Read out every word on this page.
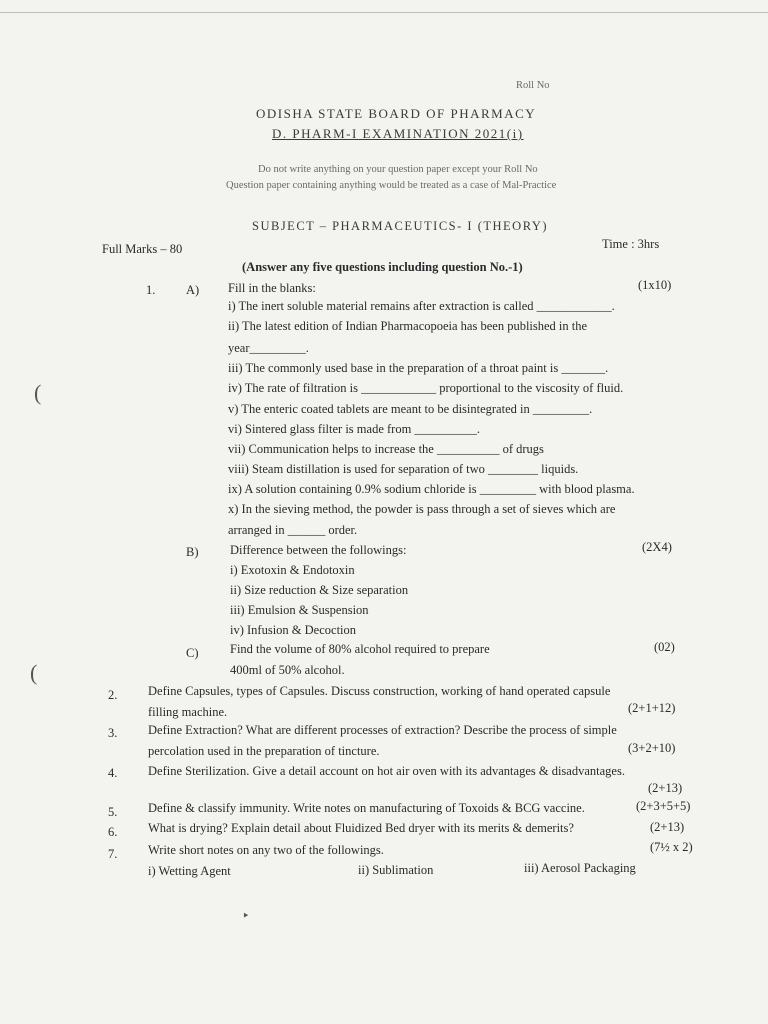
(
(
Roll No
ODISHA STATE BOARD OF PHARMACY
D. PHARM-I EXAMINATION 2021(i)
Do not write anything on your question paper except your Roll No
Question paper containing anything would be treated as a case of Mal-Practice
SUBJECT – PHARMACEUTICS- I (THEORY)
Full Marks – 80	Time : 3hrs
(Answer any five questions including question No.-1)
1. A) Fill in the blanks:	(1x10)
i) The inert soluble material remains after extraction is called ____________.
ii) The latest edition of Indian Pharmacopoeia has been published in the
year_________.
iii) The commonly used base in the preparation of a throat paint is _______.
iv) The rate of filtration is ____________ proportional to the viscosity of fluid.
v) The enteric coated tablets are meant to be disintegrated in _________.
vi) Sintered glass filter is made from __________.
vii) Communication helps to increase the __________ of drugs
viii) Steam distillation is used for separation of two ________ liquids.
ix) A solution containing 0.9% sodium chloride is _________ with blood plasma.
x) In the sieving method, the powder is pass through a set of sieves which are
arranged in ______ order.
B)	Difference between the followings:	(2X4)
i) Exotoxin & Endotoxin
ii) Size reduction & Size separation
iii) Emulsion & Suspension
iv) Infusion & Decoction
C)	Find the volume of 80% alcohol required to prepare
400ml of 50% alcohol.
(02)
2. Define Capsules, types of Capsules. Discuss construction, working of hand operated capsule
filling machine.	(2+1+12)
3. Define Extraction? What are different processes of extraction? Describe the process of simple
percolation used in the preparation of tincture.	(3+2+10)
4. Define Sterilization. Give a detail account on hot air oven with its advantages & disadvantages.
(2+13)
5. Define & classify immunity. Write notes on manufacturing of Toxoids & BCG vaccine.	(2+3+5+5)
6. What is drying? Explain detail about Fluidized Bed dryer with its merits & demerits?	(2+13)
7. Write short notes on any two of the followings.	(7½ x 2)
i) Wetting Agent	ii) Sublimation	iii) Aerosol Packaging
‣
